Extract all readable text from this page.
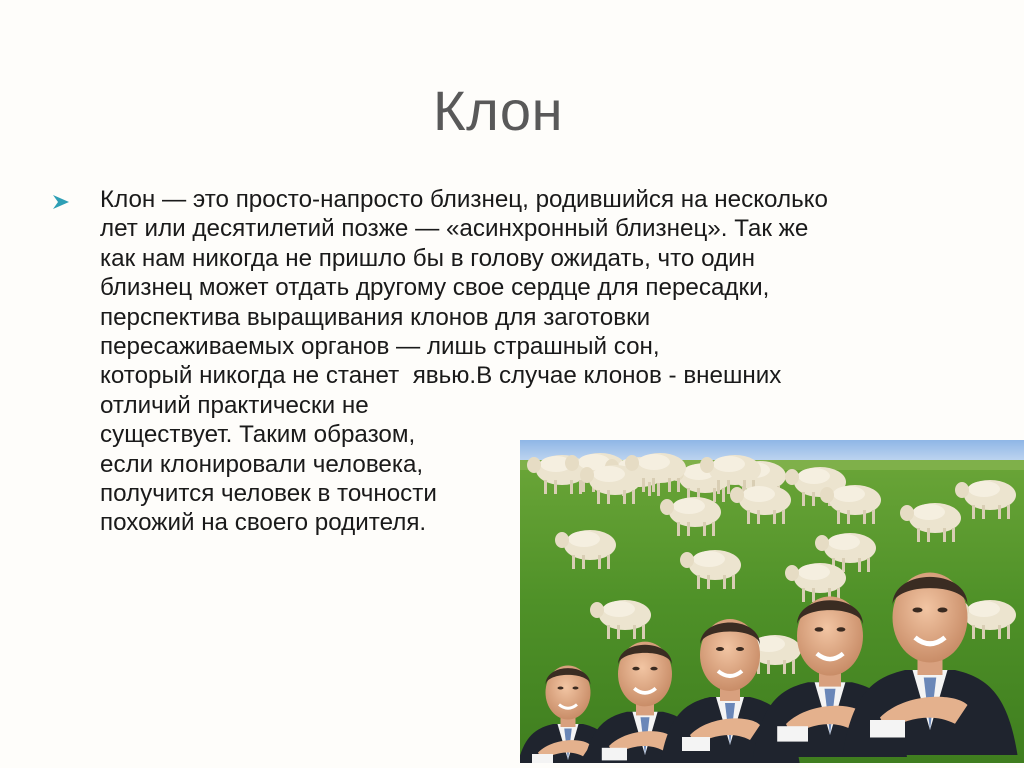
Клон
Клон — это просто-напросто близнец, родившийся на несколько
лет или десятилетий позже — «асинхронный близнец». Так же
как нам никогда не пришло бы в голову ожидать, что один
близнец может отдать другому свое сердце для пересадки,
перспектива выращивания клонов для заготовки
пересаживаемых органов — лишь страшный сон,
который никогда не станет  явью.В случае клонов - внешних
отличий практически не
существует. Таким образом,
если клонировали человека,
получится человек в точности
похожий на своего родителя.
